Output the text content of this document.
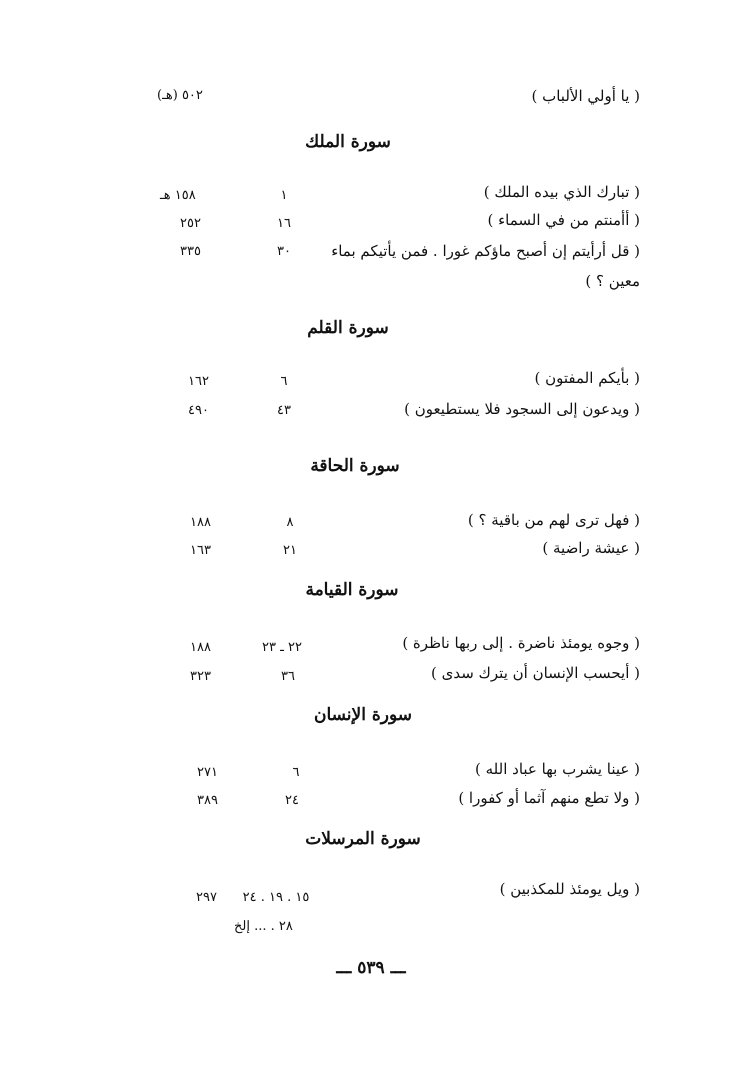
( يا أولي الألباب )
٥٠٢ (هـ)
سورة الملك
( تبارك الذي بيده الملك )
١
١٥٨ هـ
( أأمنتم من في السماء )
١٦
٢٥٢
( قل أرأيتم إن أصبح ماؤكم غورا . فمن يأتيكم بماء معين ؟ )
٣٠
٣٣٥
سورة القلم
( بأيكم المفتون )
٦
١٦٢
( ويدعون إلى السجود فلا يستطيعون )
٤٣
٤٩٠
سورة الحاقة
( فهل ترى لهم من باقية ؟ )
٨
١٨٨
( عيشة راضية )
٢١
١٦٣
سورة القيامة
( وجوه يومئذ ناضرة . إلى ربها ناظرة )
٢٢ ـ ٢٣
١٨٨
( أيحسب الإنسان أن يترك سدى )
٣٦
٣٢٣
سورة الإنسان
( عينا يشرب بها عباد الله )
٦
٢٧١
( ولا تطع منهم آثما أو كفورا )
٢٤
٣٨٩
سورة المرسلات
( ويل يومئذ للمكذبين )
١٥ . ١٩ . ٢٤
٢٩٧
٢٨ . ... إلخ
ـــ ٥٣٩ ـــ
